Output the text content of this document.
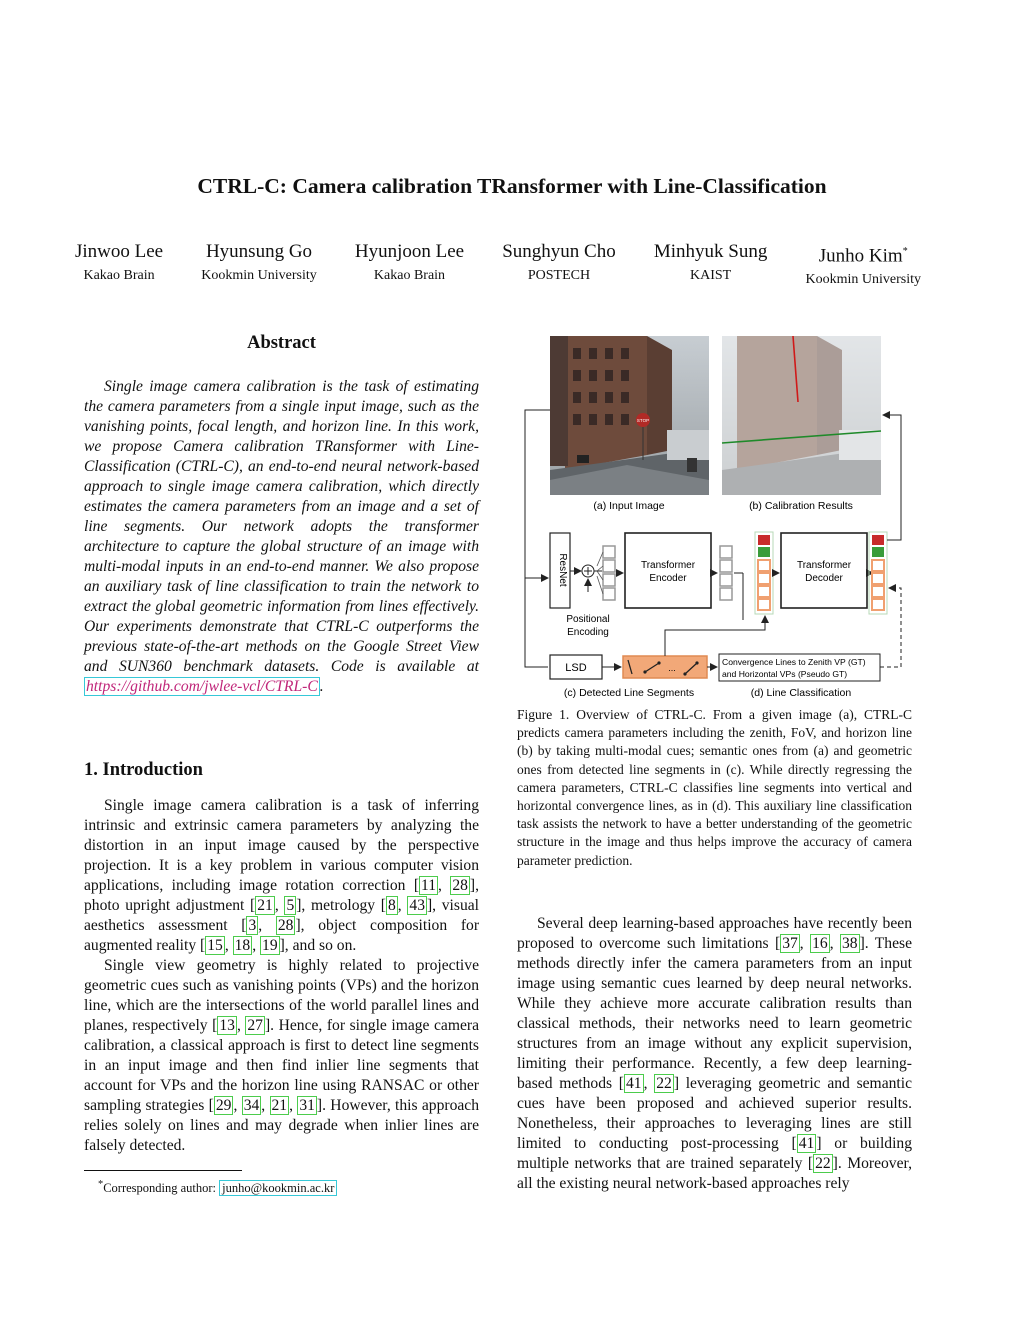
CTRL-C: Camera calibration TRansformer with Line-Classification
Jinwoo Lee
Kakao Brain
Hyunsung Go
Kookmin University
Hyunjoon Lee
Kakao Brain
Sunghyun Cho
POSTECH
Minhyuk Sung
KAIST
Junho Kim*
Kookmin University
Abstract

Single image camera calibration is the task of estimating the camera parameters from a single input image, such as the vanishing points, focal length, and horizon line. In this work, we propose Camera calibration TRansformer with Line-Classification (CTRL-C), an end-to-end neural network-based approach to single image camera calibration, which directly estimates the camera parameters from an image and a set of line segments. Our network adopts the transformer architecture to capture the global structure of an image with multi-modal inputs in an end-to-end manner. We also propose an auxiliary task of line classification to train the network to extract the global geometric information from lines effectively. Our experiments demonstrate that CTRL-C outperforms the previous state-of-the-art methods on the Google Street View and SUN360 benchmark datasets. Code is available at https://github.com/jwlee-vcl/CTRL-C .

1. Introduction

Single image camera calibration is a task of inferring intrinsic and extrinsic camera parameters by analyzing the distortion in an input image caused by the perspective projection. It is a key problem in various computer vision applications, including image rotation correction [ 11 , 28 ], photo upright adjustment [ 21 , 5 ], metrology [ 8 , 43 ], visual aesthetics assessment [ 3 , 28 ], object composition for augmented reality [ 15 , 18 , 19 ], and so on.

Single view geometry is highly related to projective geometric cues such as vanishing points (VPs) and the horizon line, which are the intersections of the world parallel lines and planes, respectively [ 13 , 27 ]. Hence, for single image camera calibration, a classical approach is first to detect line segments in an input image and then find inlier line segments that account for VPs and the horizon line using RANSAC or other sampling strategies [ 29 , 34 , 21 , 31 ]. However, this approach relies solely on lines and may degrade when inlier lines are falsely detected.

*Corresponding author: junho@kookmin.ac.kr
STOP
(a) Input Image	(b) Calibration Results
ResNet
Positional
Encoding
Transformer
Encoder
Transformer
Decoder
LSD	...
Convergence Lines to Zenith VP (GT)
and Horizontal VPs (Pseudo GT)
(c) Detected Line Segments	(d) Line Classification

Figure 1. Overview of CTRL-C. From a given image (a), CTRL-C predicts camera parameters including the zenith, FoV, and horizon line (b) by taking multi-modal cues; semantic ones from (a) and geometric ones from detected line segments in (c). While directly regressing the camera parameters, CTRL-C classifies line segments into vertical and horizontal convergence lines, as in (d). This auxiliary line classification task assists the network to have a better understanding of the geometric structure in the image and thus helps improve the accuracy of camera parameter prediction.

Several deep learning-based approaches have recently been proposed to overcome such limitations [ 37 , 16 , 38 ]. These methods directly infer the camera parameters from an input image using semantic cues learned by deep neural networks. While they achieve more accurate calibration results than classical methods, their networks need to learn geometric structures from an image without any explicit supervision, limiting their performance. Recently, a few deep learning-based methods [ 41 , 22 ] leveraging geometric and semantic cues have been proposed and achieved superior results. Nonetheless, their approaches to leveraging lines are still limited to conducting post-processing [ 41 ] or building multiple networks that are trained separately [ 22 ]. Moreover, all the existing neural network-based approaches rely
